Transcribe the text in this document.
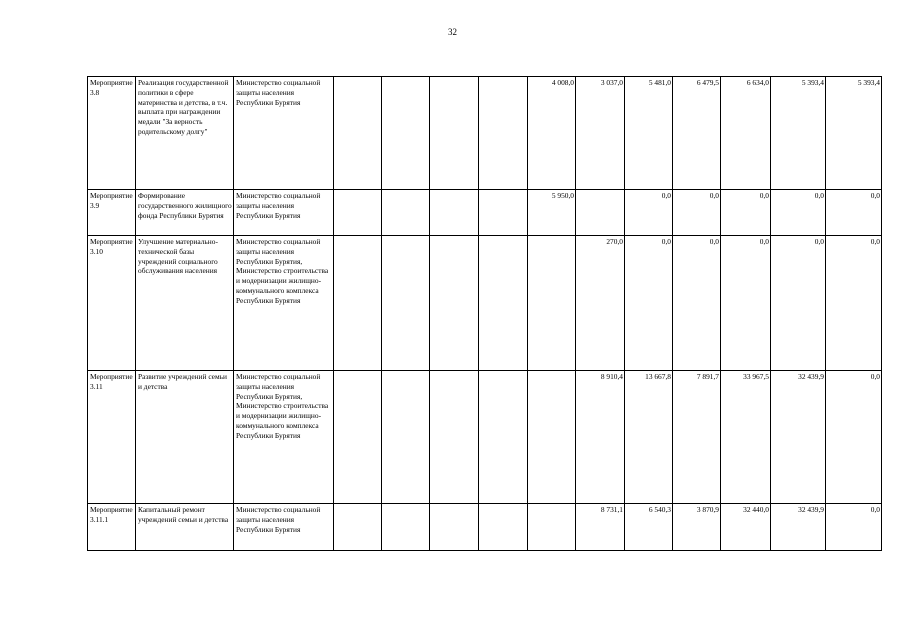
32
Мероприятие 3.8	Реализация государственной политики в сфере материнства и детства, в т.ч. выплата при награждении медали "За верность родительскому долгу"	Министерство социальной защиты населения Республики Бурятия					4 008,0	3 037,0	5 481,0	6 479,5	6 634,0	5 393,4	5 393,4
Мероприятие 3.9	Формирование государственного жилищного фонда Республики Бурятия	Министерство социальной защиты населения Республики Бурятия					5 950,0		0,0	0,0	0,0	0,0	0,0
Мероприятие 3.10	Улучшение материально-технической базы учреждений социального обслуживания населения	Министерство социальной защиты населения Республики Бурятия, Министерство строительства и модернизации жилищно-коммунального комплекса Республики Бурятия						270,0	0,0	0,0	0,0	0,0	0,0
Мероприятие 3.11	Развитие учреждений семьи и детства	Министерство социальной защиты населения Республики Бурятия, Министерство строительства и модернизации жилищно-коммунального комплекса Республики Бурятия						8 910,4	13 667,8	7 891,7	33 967,5	32 439,9	0,0
Мероприятие 3.11.1	Капитальный ремонт учреждений семьи и детства	Министерство социальной защиты населения Республики Бурятия						8 731,1	6 540,3	3 870,9	32 440,0	32 439,9	0,0
